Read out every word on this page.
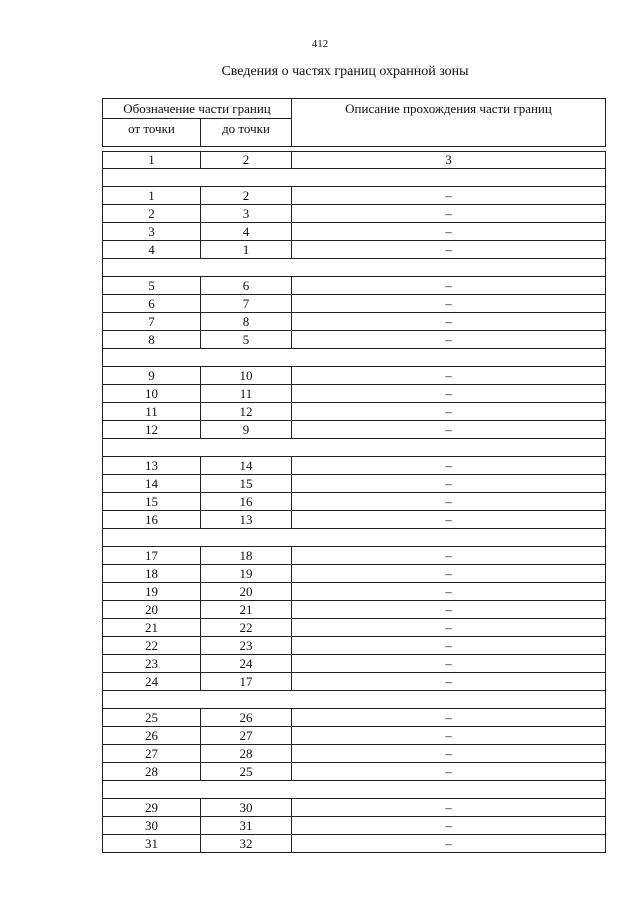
412
Сведения о частях границ охранной зоны
Обозначение части границ		Описание прохождения части границ
от точки	до точки	

1	2	3

1	2	–
2	3	–
3	4	–
4	1	–

5	6	–
6	7	–
7	8	–
8	5	–

9	10	–
10	11	–
11	12	–
12	9	–

13	14	–
14	15	–
15	16	–
16	13	–

17	18	–
18	19	–
19	20	–
20	21	–
21	22	–
22	23	–
23	24	–
24	17	–

25	26	–
26	27	–
27	28	–
28	25	–

29	30	–
30	31	–
31	32	–
